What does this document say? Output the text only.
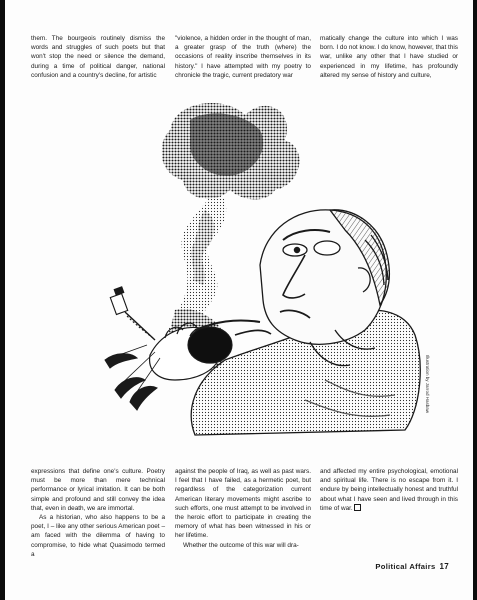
them. The bourgeois routinely dismiss the words and struggles of such poets but that won't stop the need or silence the demand, during a time of political danger, national confusion and a country's decline, for artistic

"violence, a hidden order in the thought of man, a greater grasp of the truth (where) the occasions of reality inscribe themselves in its history." I have attempted with my poetry to chronicle the tragic, current predatory war

matically change the culture into which I was born. I do not know. I do know, however, that this war, unlike any other that I have studied or experienced in my lifetime, has profoundly altered my sense of history and culture,

Illustration by Jarrod Hasbaw

expressions that define one's culture. Poetry must be more than mere technical performance or lyrical imitation. It can be both simple and profound and still convey the idea that, even in death, we are immortal.

As a historian, who also happens to be a poet, I – like any other serious American poet – am faced with the dilemma of having to compromise, to hide what Quasimodo termed a

against the people of Iraq, as well as past wars. I feel that I have failed, as a hermetic poet, but regardless of the categorization current American literary movements might ascribe to such efforts, one must attempt to be involved in the heroic effort to participate in creating the memory of what has been witnessed in his or her lifetime.

Whether the outcome of this war will dra-

and affected my entire psychological, emotional and spiritual life. There is no escape from it. I endure by being intellectually honest and truthful about what I have seen and lived through in this time of war.

Political Affairs 17
